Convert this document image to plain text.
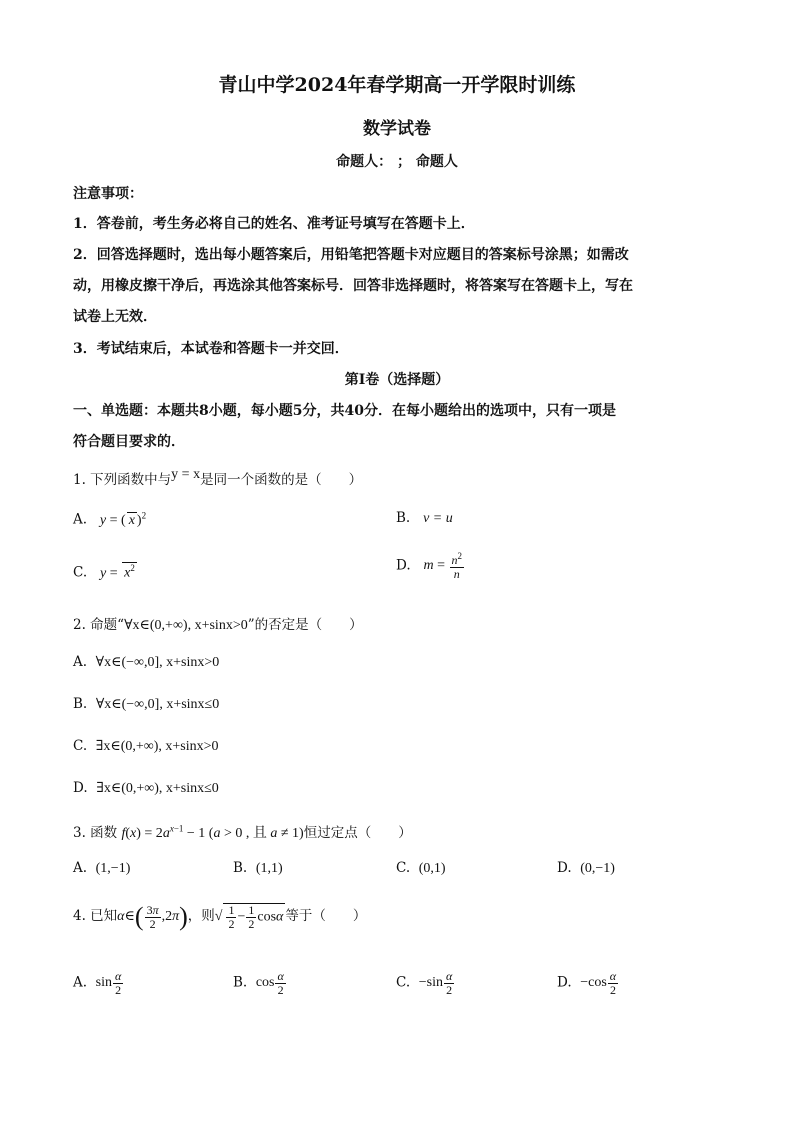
青山中学2024年春学期高一开学限时训练
数学试卷
命题人： ； 命题人
注意事项：
1．答卷前，考生务必将自己的姓名、准考证号填写在答题卡上．
2．回答选择题时，选出每小题答案后，用铅笔把答题卡对应题目的答案标号涂黑；如需改
动，用橡皮擦干净后，再选涂其他答案标号．回答非选择题时，将答案写在答题卡上，写在
试卷上无效．
3．考试结束后，本试卷和答题卡一并交回．
第I卷（选择题）
一、单选题：本题共8小题，每小题5分，共40分．在每小题给出的选项中，只有一项是
符合题目要求的．
1. 下列函数中与y = x是同一个函数的是（　　）
A. y = ( x )$^2$	B. v = u
C. $y = x^2$	D. $m = \frac{n^2}{n}$
2. 命题“∀x∈(0,+∞), x+sinx>0”的否定是（　　）
A. ∀x∈(−∞,0], x+sinx>0
B. ∀x∈(−∞,0], x+sinx≤0
C. ∃x∈(0,+∞), x+sinx>0
D. ∃x∈(0,+∞), x+sinx≤0
3. 函数 $f(x) = 2a^{x-1} - 1$ (a > 0 , 且 a ≠ 1)恒过定点（　　）
A. (1,−1)	B. (1,1)	C. (0,1)	D. (0,−1)
4. 已知α∈( $\frac{3\pi}{2} ,2\pi$)，则√ $\frac{1}{2} - \frac{1}{2}$ cosα 等于（　　）
A. $\sin \frac{\alpha}{2}$	B. $\cos \frac{\alpha}{2}$	C. $-\sin \frac{\alpha}{2}$	D. $-\cos \frac{\alpha}{2}$
